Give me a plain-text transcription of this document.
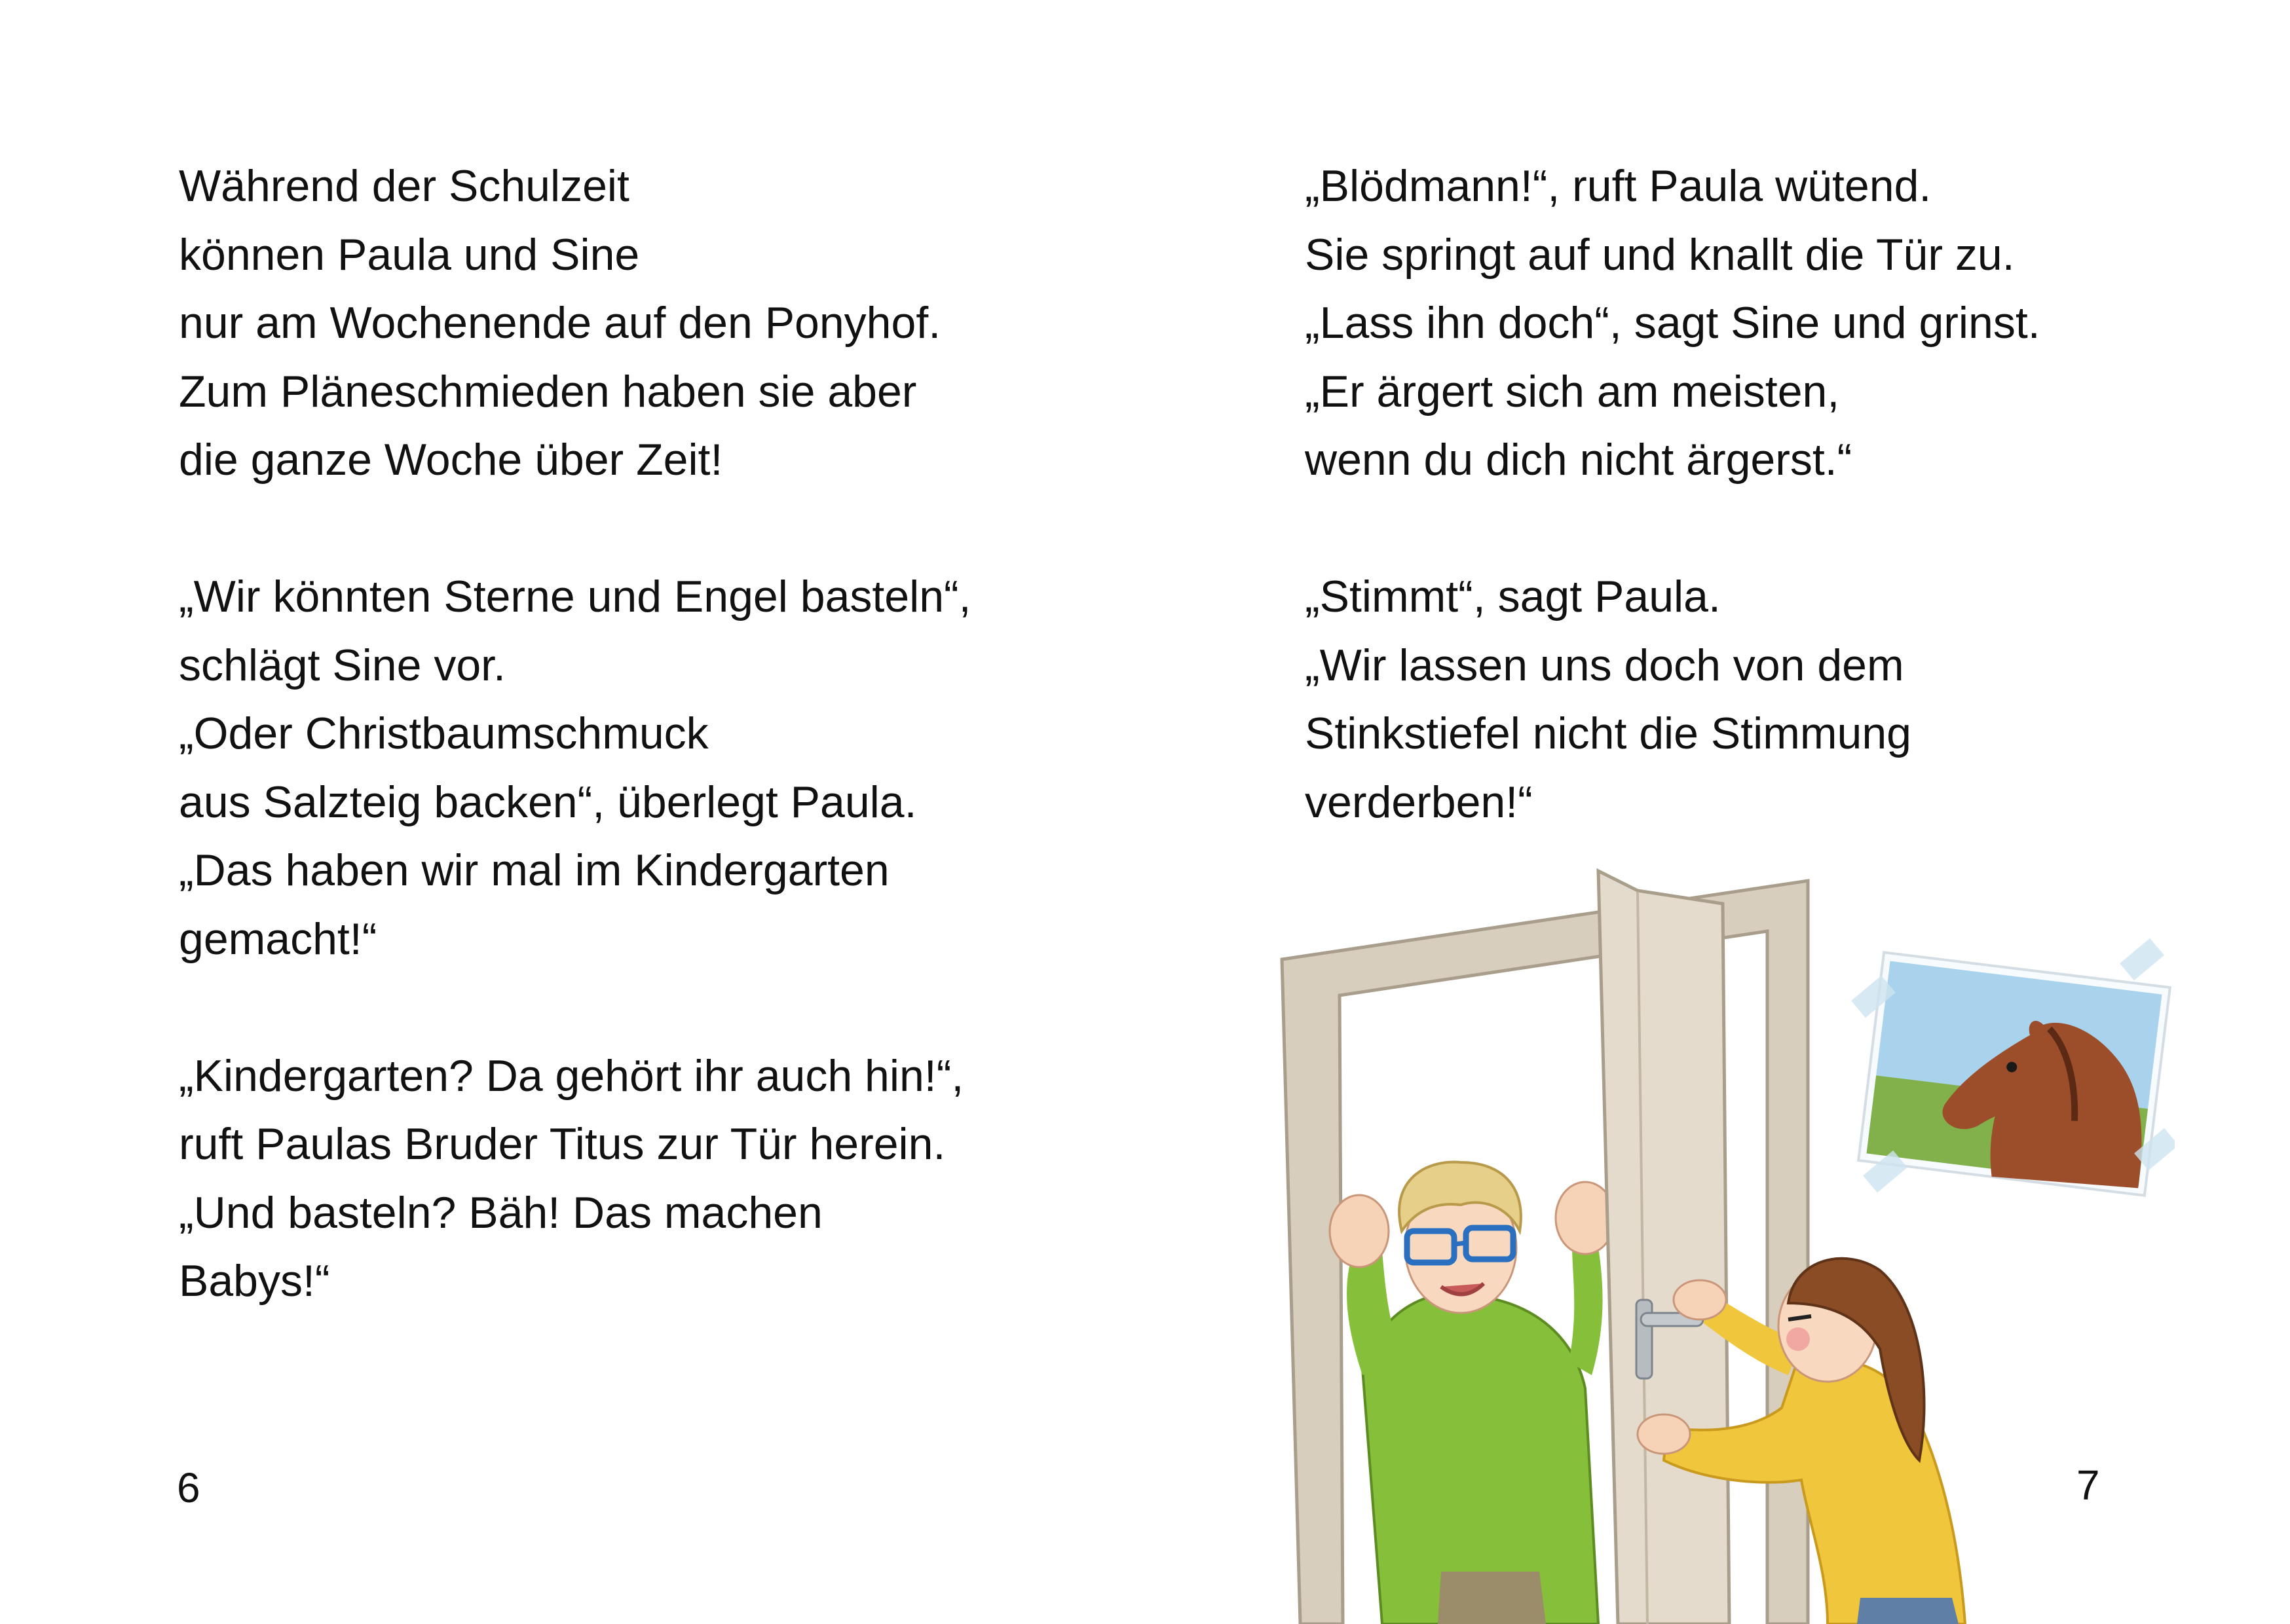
Während der Schulzeit
können Paula und Sine
nur am Wochenende auf den Ponyhof.
Zum Pläneschmieden haben sie aber
die ganze Woche über Zeit!
„Wir könnten Sterne und Engel basteln“,
schlägt Sine vor.
„Oder Christbaumschmuck
aus Salzteig backen“, überlegt Paula.
„Das haben wir mal im Kindergarten
gemacht!“
„Kindergarten? Da gehört ihr auch hin!“,
ruft Paulas Bruder Titus zur Tür herein.
„Und basteln? Bäh! Das machen
Babys!“
6
„Blödmann!“, ruft Paula wütend.
Sie springt auf und knallt die Tür zu.
„Lass ihn doch“, sagt Sine und grinst.
„Er ärgert sich am meisten,
wenn du dich nicht ärgerst.“
„Stimmt“, sagt Paula.
„Wir lassen uns doch von dem
Stinkstiefel nicht die Stimmung
verderben!“
7
